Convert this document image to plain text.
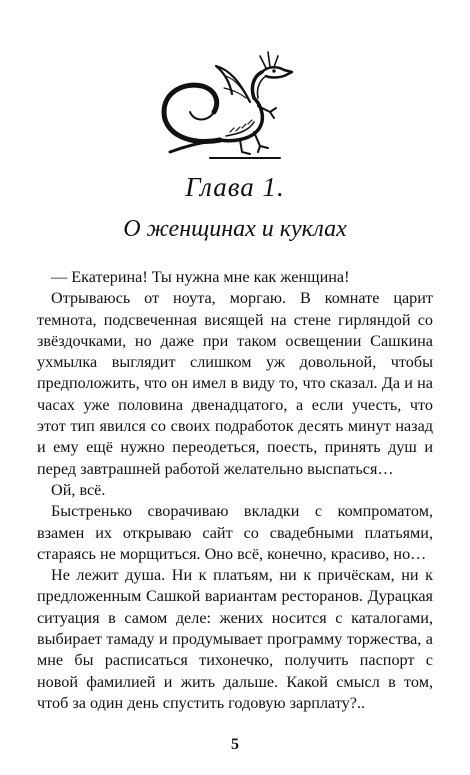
Глава 1.
О женщинах и куклах

— Екатерина! Ты нужна мне как женщина!

Отрываюсь от ноута, моргаю. В комнате царит темнота, подсвеченная висящей на стене гирляндой со звёздочками, но даже при таком освещении Сашкина ухмылка выглядит слишком уж довольной, чтобы предположить, что он имел в виду то, что сказал. Да и на часах уже половина двенадцатого, а если учесть, что этот тип явился со своих подработок десять минут назад и ему ещё нужно переодеться, поесть, принять душ и перед завтрашней работой желательно выспаться…

Ой, всё.

Быстренько сворачиваю вкладки с компроматом, взамен их открываю сайт со свадебными платьями, стараясь не морщиться. Оно всё, конечно, красиво, но…

Не лежит душа. Ни к платьям, ни к причёскам, ни к предложенным Сашкой вариантам ресторанов. Дурацкая ситуация в самом деле: жених носится с каталогами, выбирает тамаду и продумывает программу торжества, а мне бы расписаться тихонечко, получить паспорт с новой фамилией и жить дальше. Какой смысл в том, чтоб за один день спустить годовую зарплату?..

5
